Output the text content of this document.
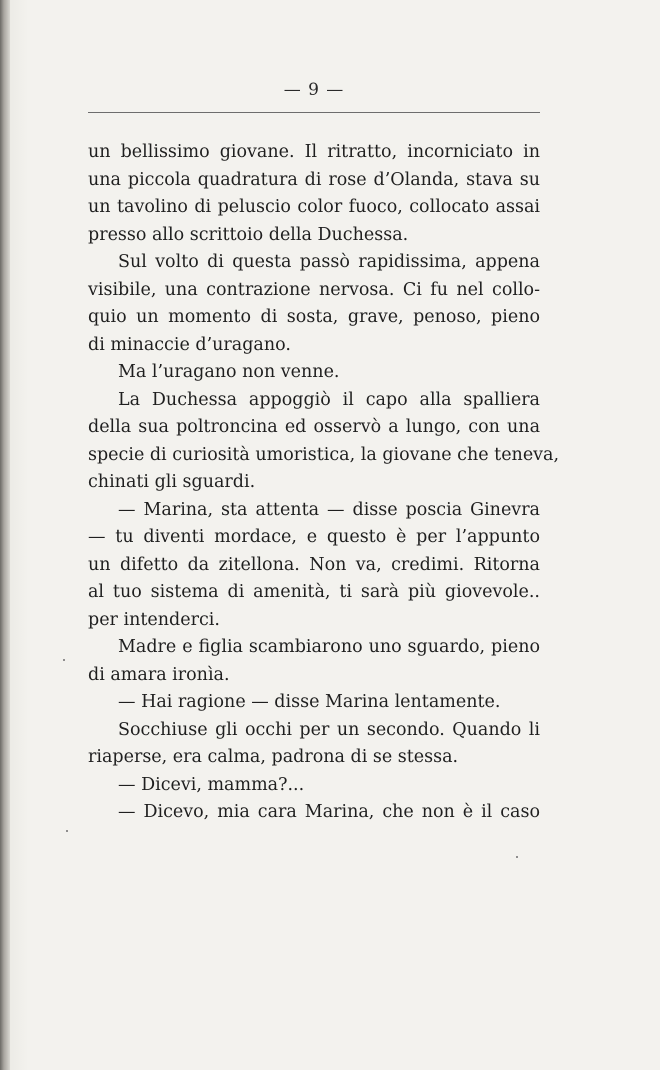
— 9 —
un bellissimo giovane. Il ritratto, incorniciato in
una piccola quadratura di rose d’Olanda, stava su
un tavolino di peluscio color fuoco, collocato assai
presso allo scrittoio della Duchessa.
Sul volto di questa passò rapidissima, appena
visibile, una contrazione nervosa. Ci fu nel collo-
quio un momento di sosta, grave, penoso, pieno
di minaccie d’uragano.
Ma l’uragano non venne.
La Duchessa appoggiò il capo alla spalliera
della sua poltroncina ed osservò a lungo, con una
specie di curiosità umoristica, la giovane che teneva,
chinati gli sguardi.
— Marina, sta attenta — disse poscia Ginevra
— tu diventi mordace, e questo è per l’appunto
un difetto da zitellona. Non va, credimi. Ritorna
al tuo sistema di amenità, ti sarà più giovevole..
per intenderci.
Madre e figlia scambiarono uno sguardo, pieno
di amara ironìa.
— Hai ragione — disse Marina lentamente.
Socchiuse gli occhi per un secondo. Quando li
riaperse, era calma, padrona di se stessa.
— Dicevi, mamma?...
— Dicevo, mia cara Marina, che non è il caso
